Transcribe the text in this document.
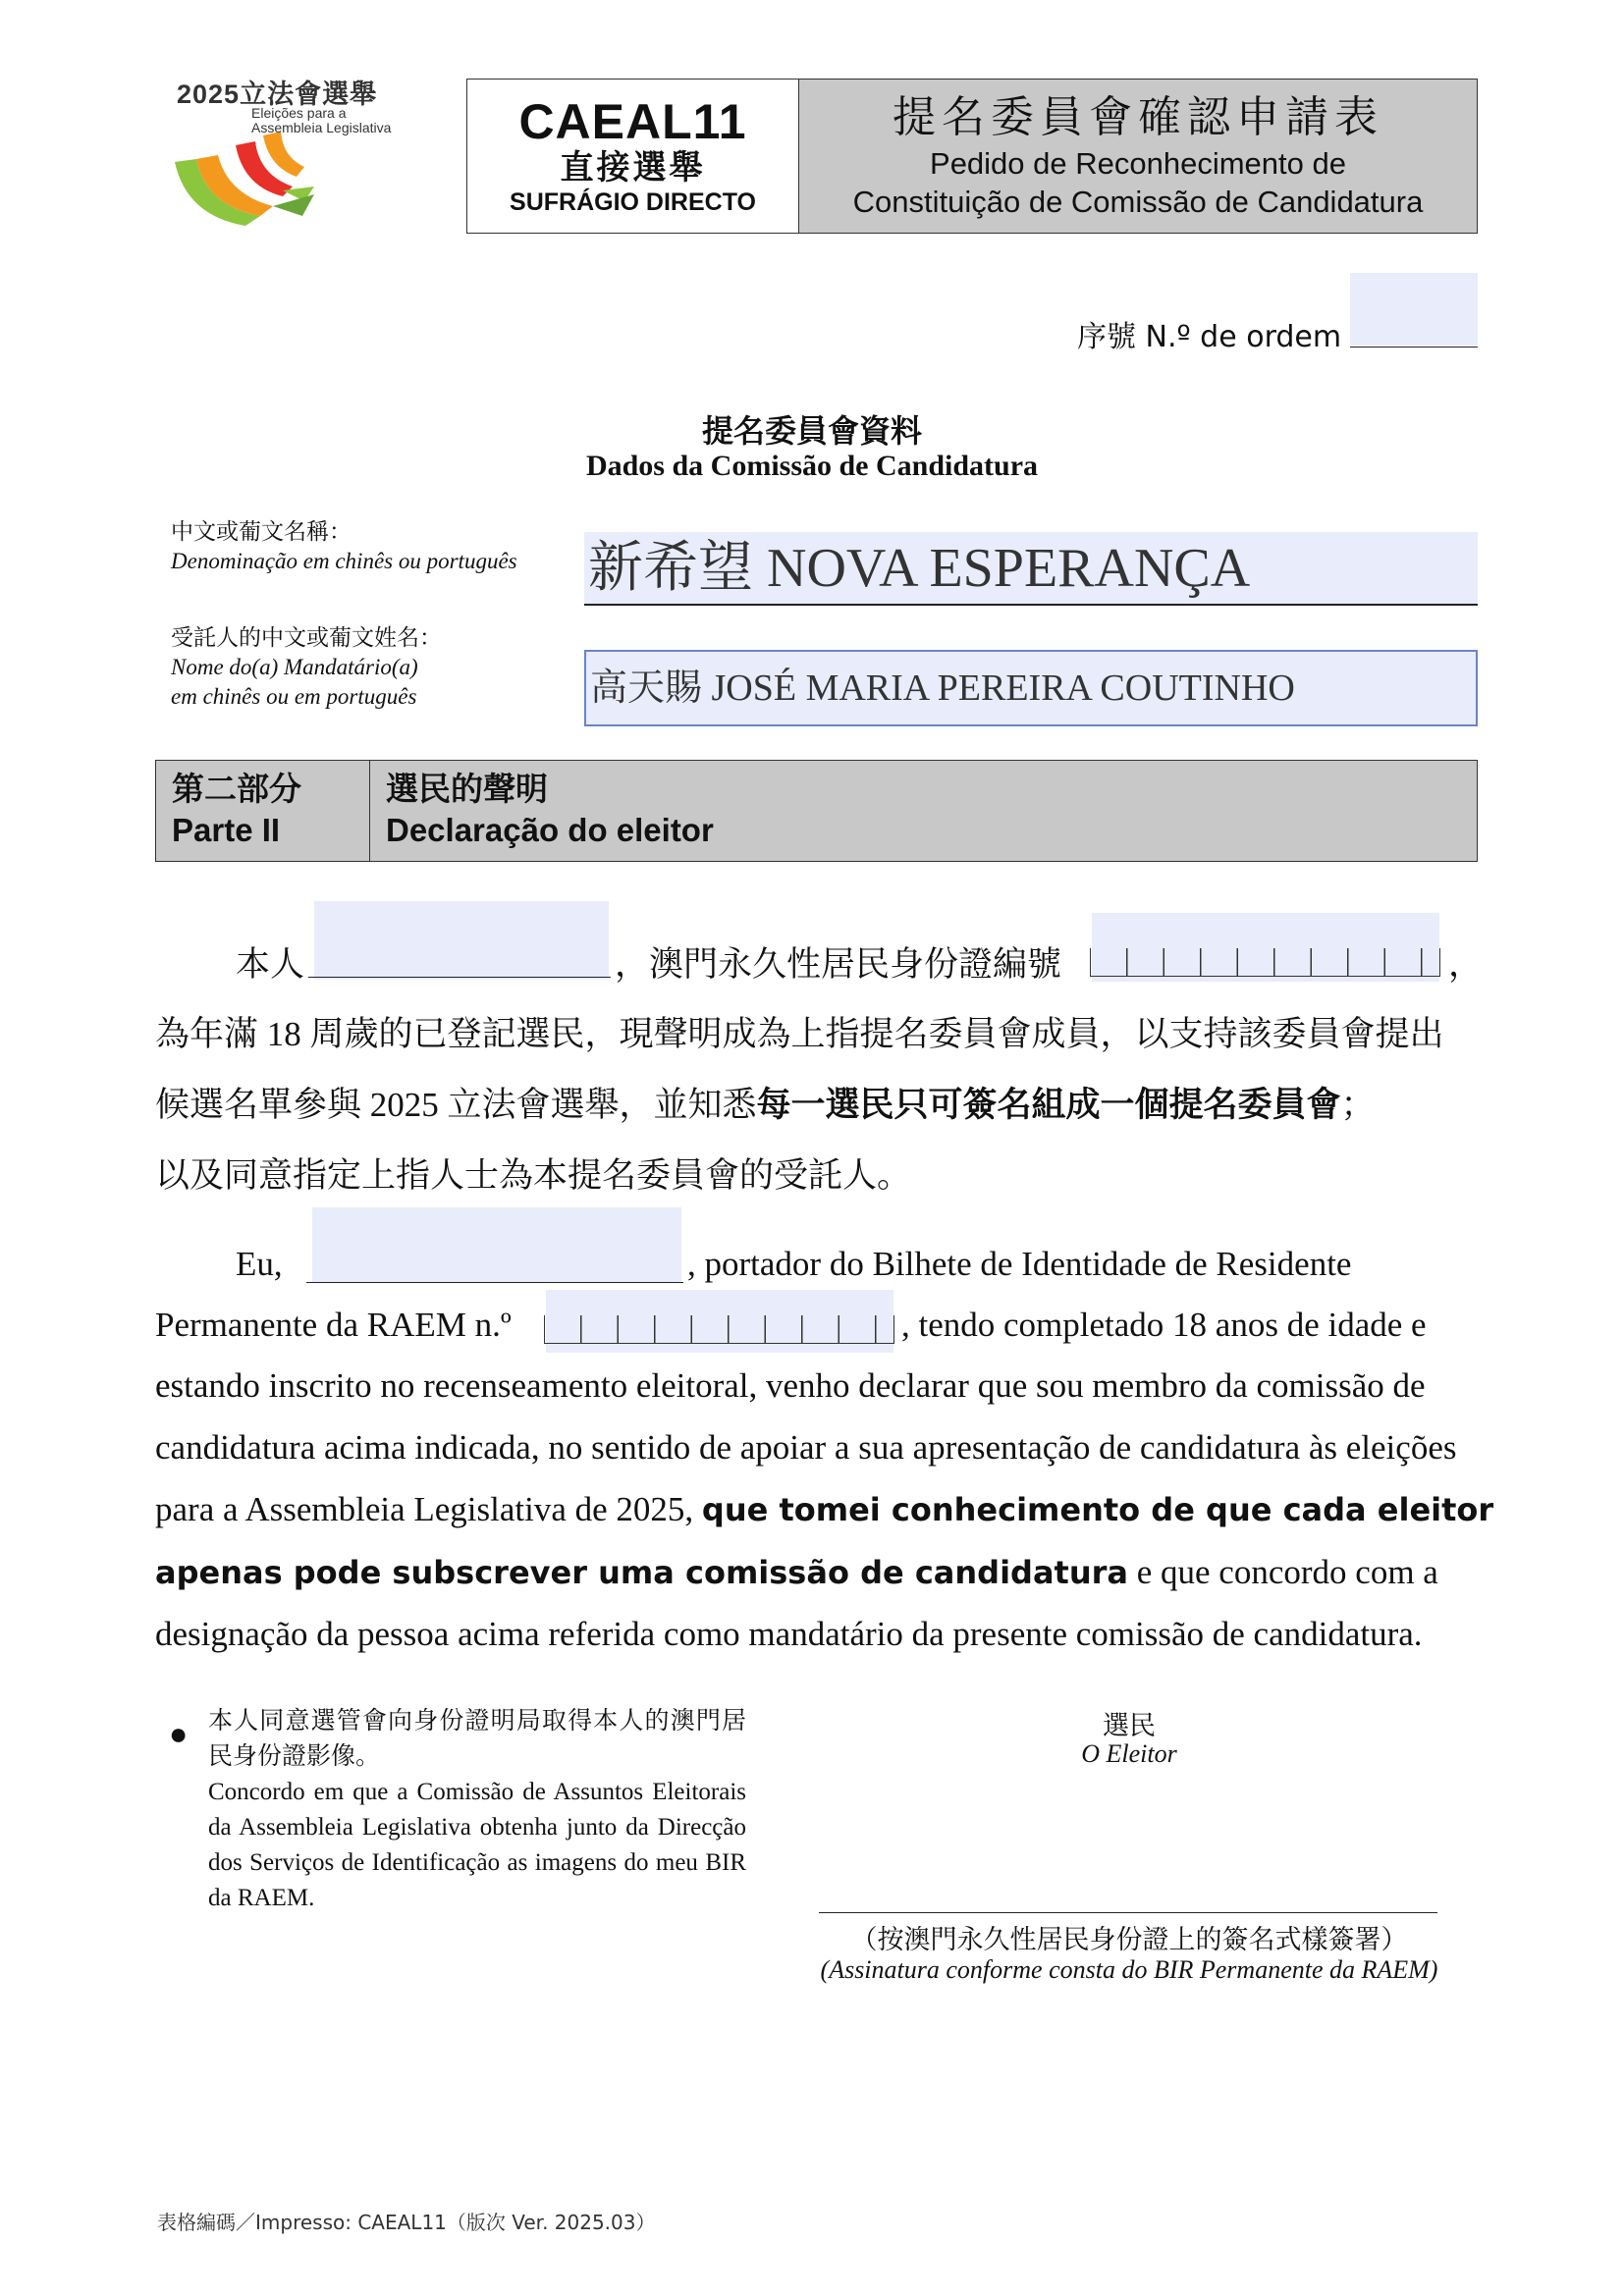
2025立法會選舉
Eleições para a
Assembleia Legislativa	CAEAL11
直接選舉
SUFRÁGIO DIRECTO
提名委員會確認申請表
Pedido de Reconhecimento de
Constituição de Comissão de Candidatura
序號 N.º de ordem
提名委員會資料
Dados da Comissão de Candidatura
中文或葡文名稱：
Denominação em chinês ou português 新希望 NOVA ESPERANÇA
受託人的中文或葡文姓名：
Nome do(a) Mandatário(a)
em chinês ou em português	高天賜 JOSÉ MARIA PEREIRA COUTINHO
第二部分
Parte II
選民的聲明
Declaração do eleitor
本人	，澳門永久性居民身份證編號	，
為年滿 18 周歲的已登記選民，現聲明成為上指提名委員會成員，以支持該委員會提出
候選名單參與 2025 立法會選舉，並知悉每一選民只可簽名組成一個提名委員會；
以及同意指定上指人士為本提名委員會的受託人。
Eu,	, portador do Bilhete de Identidade de Residente
Permanente da RAEM n.º	, tendo completado 18 anos de idade e
estando inscrito no recenseamento eleitoral, venho declarar que sou membro da comissão de
candidatura acima indicada, no sentido de apoiar a sua apresentação de candidatura às eleições
para a Assembleia Legislativa de 2025, que tomei conhecimento de que cada eleitor
apenas pode subscrever uma comissão de candidatura e que concordo com a
designação da pessoa acima referida como mandatário da presente comissão de candidatura.
● 本人同意選管會向身份證明局取得本人的澳門居民身份證影像。
Concordo em que a Comissão de Assuntos Eleitorais da Assembleia Legislativa obtenha junto da Direcção dos Serviços de Identificação as imagens do meu BIR da RAEM.
選民
O Eleitor
（按澳門永久性居民身份證上的簽名式樣簽署）
(Assinatura conforme consta do BIR Permanente da RAEM)
表格編碼／Impresso: CAEAL11（版次 Ver. 2025.03）
